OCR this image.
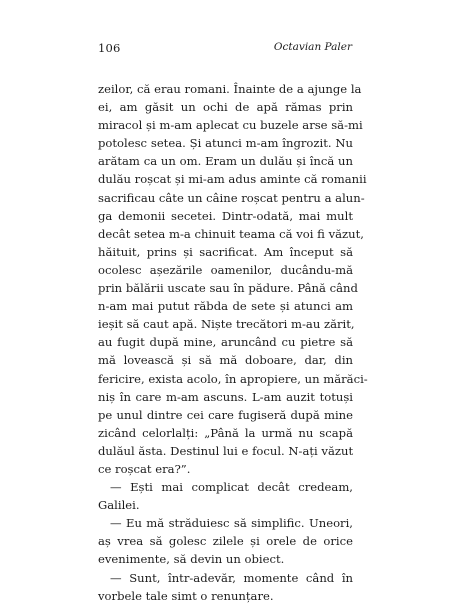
106	Octavian Paler
zeilor, că erau romani. Înainte de a ajunge la
ei, am găsit un ochi de apă rămas prin
miracol și m-am aplecat cu buzele arse să-mi
potolesc setea. Și atunci m-am îngrozit. Nu
arătam ca un om. Eram un dulău și încă un
dulău roșcat și mi-am adus aminte că romanii
sacrificau câte un câine roșcat pentru a alun-
ga demonii secetei. Dintr-odată, mai mult
decât setea m-a chinuit teama că voi fi văzut,
hăituit, prins și sacrificat. Am început să
ocolesc așezările oamenilor, ducându-mă
prin bălării uscate sau în pădure. Până când
n-am mai putut răbda de sete și atunci am
ieșit să caut apă. Niște trecători m-au zărit,
au fugit după mine, aruncând cu pietre să
mă lovească și să mă doboare, dar, din
fericire, exista acolo, în apropiere, un mărăci-
niș în care m-am ascuns. L-am auzit totuși
pe unul dintre cei care fugiseră după mine
zicând celorlalți: „Până la urmă nu scapă
dulăul ăsta. Destinul lui e focul. N-ați văzut
ce roșcat era?”.
— Ești mai complicat decât credeam,
Galilei.
— Eu mă străduiesc să simplific. Uneori,
aș vrea să golesc zilele și orele de orice
evenimente, să devin un obiect.
— Sunt, într-adevăr, momente când în
vorbele tale simt o renunțare.
